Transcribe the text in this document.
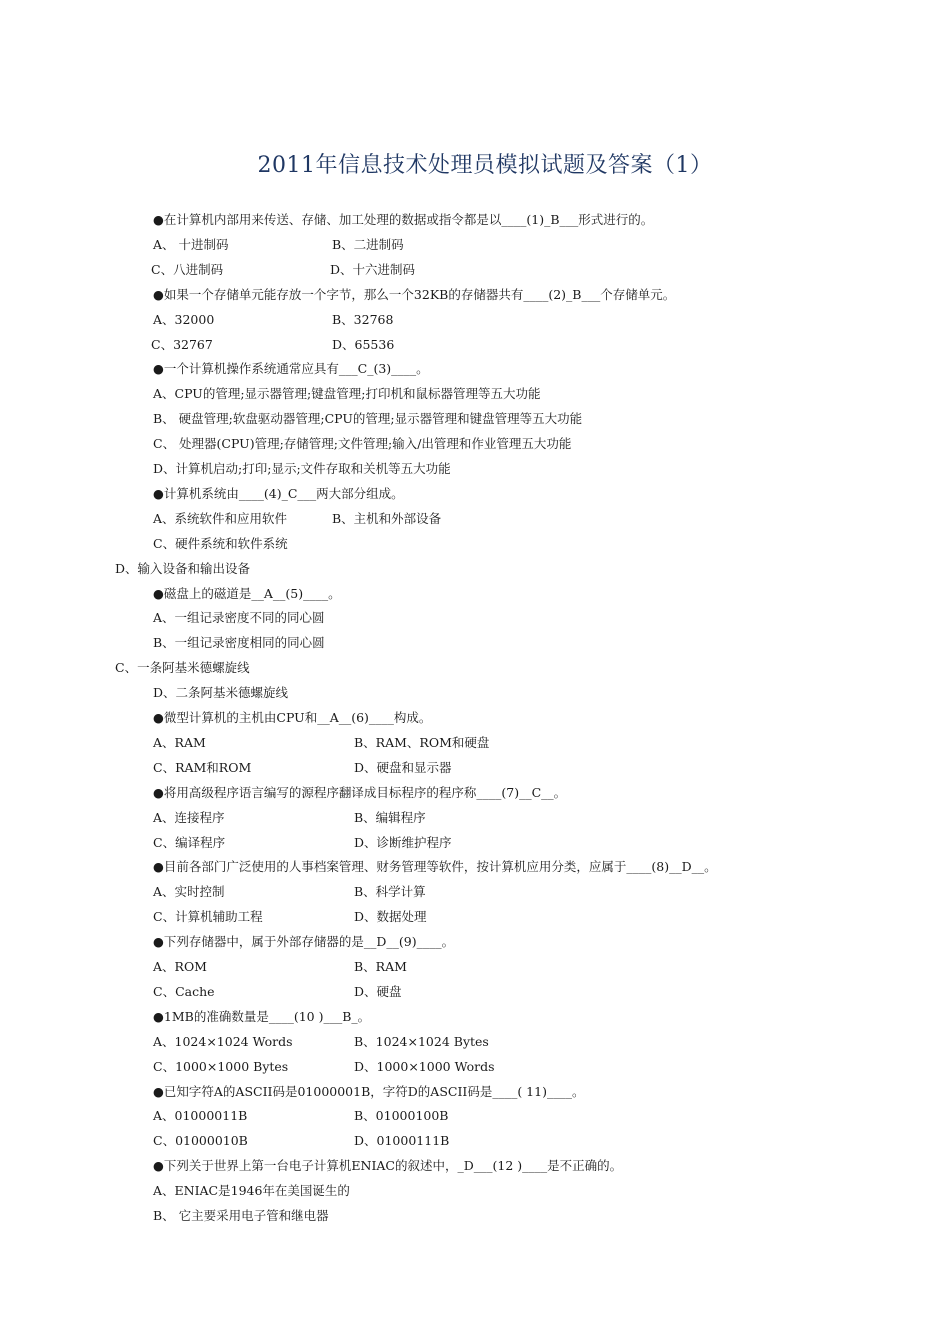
2011年信息技术处理员模拟试题及答案（1）
●在计算机内部用来传送、存储、加工处理的数据或指令都是以____(1)_B___形式进行的。
A、 十进制码	B、二进制码
C、八进制码	D、十六进制码
●如果一个存储单元能存放一个字节，那么一个32KB的存储器共有____(2)_B___个存储单元。
A、32000	B、32768
C、32767	D、65536
●一个计算机操作系统通常应具有___C_(3)____。
A、CPU的管理;显示器管理;键盘管理;打印机和鼠标器管理等五大功能
B、 硬盘管理;软盘驱动器管理;CPU的管理;显示器管理和键盘管理等五大功能
C、 处理器(CPU)管理;存储管理;文件管理;输入/出管理和作业管理五大功能
D、计算机启动;打印;显示;文件存取和关机等五大功能
●计算机系统由____(4)_C___两大部分组成。
A、系统软件和应用软件	B、主机和外部设备
C、硬件系统和软件系统
D、输入设备和输出设备
●磁盘上的磁道是__A__(5)____。
A、一组记录密度不同的同心圆
B、一组记录密度相同的同心圆
C、一条阿基米德螺旋线
D、二条阿基米德螺旋线
●微型计算机的主机由CPU和__A__(6)____构成。
A、RAM	B、RAM、ROM和硬盘
C、RAM和ROM	D、硬盘和显示器
●将用高级程序语言编写的源程序翻译成目标程序的程序称____(7)__C__。
A、连接程序	B、编辑程序
C、编译程序	D、诊断维护程序
●目前各部门广泛使用的人事档案管理、财务管理等软件，按计算机应用分类，应属于____(8)__D__。
A、实时控制	B、科学计算
C、计算机辅助工程	D、数据处理
●下列存储器中，属于外部存储器的是__D__(9)____。
A、ROM	B、RAM
C、Cache	D、硬盘
●1MB的准确数量是____(10 )___B_。
A、1024×1024 Words	B、1024×1024 Bytes
C、1000×1000 Bytes	D、1000×1000 Words
●已知字符A的ASCII码是01000001B，字符D的ASCII码是____( 11)____。
A、01000011B	B、01000100B
C、01000010B	D、01000111B
●下列关于世界上第一台电子计算机ENIAC的叙述中，_D___(12 )____是不正确的。
A、ENIAC是1946年在美国诞生的
B、 它主要采用电子管和继电器
